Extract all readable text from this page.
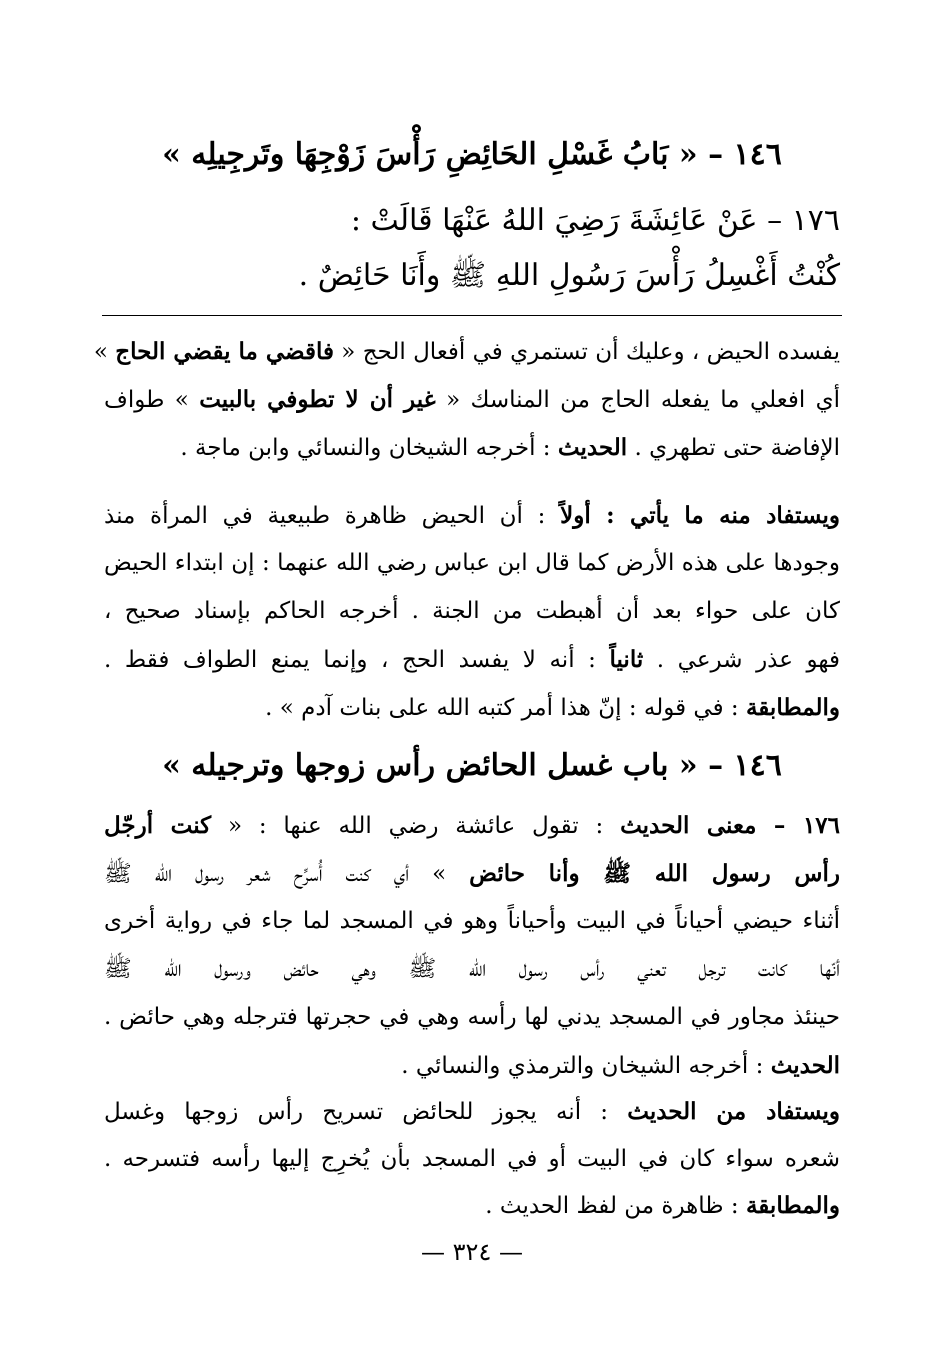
١٤٦ – « بَابُ غَسْلِ الحَائِضِ رَأْسَ زَوْجِهَا وتَرجِيلِه »
١٧٦ – عَنْ عَائِشَةَ رَضِيَ اللهُ عَنْهَا قَالَتْ :
كُنْتُ أَغْسِلُ رَأْسَ رَسُولِ اللهِ ﷺ وأَنَا حَائِضٌ .
يفسده الحيض ، وعليك أن تستمري في أفعال الحج « فاقضي ما يقضي الحاج »
أي افعلي ما يفعله الحاج من المناسك « غير أن لا تطوفي بالبيت » طواف
الإفاضة حتى تطهري . الحديث : أخرجه الشيخان والنسائي وابن ماجة .
ويستفاد منه ما يأتي : أولاً : أن الحيض ظاهرة طبيعية في المرأة منذ
وجودها على هذه الأرض كما قال ابن عباس رضي الله عنهما : إن ابتداء الحيض
كان على حواء بعد أن أهبطت من الجنة . أخرجه الحاكم بإسناد صحيح ،
فهو عذر شرعي . ثانياً : أنه لا يفسد الحج ، وإنما يمنع الطواف فقط .
والمطابقة : في قوله : إنّ هذا أمر كتبه الله على بنات آدم » .
١٤٦ – « باب غسل الحائض رأس زوجها وترجيله »
١٧٦ – معنى الحديث : تقول عائشة رضي الله عنها : « كنت أرجّل
رأس رسول الله ﷺ وأنا حائض » أي كنت أُسرِّح شعر رسول الله ﷺ
أثناء حيضي أحياناً في البيت وأحياناً وهو في المسجد لما جاء في رواية أخرى
أنّها كانت ترجل تعني رأس رسول الله ﷺ وهي حائض ورسول الله ﷺ
حينئذ مجاور في المسجد يدني لها رأسه وهي في حجرتها فترجله وهي حائض .
الحديث : أخرجه الشيخان والترمذي والنسائي .
ويستفاد من الحديث : أنه يجوز للحائض تسريح رأس زوجها وغسل
شعره سواء كان في البيت أو في المسجد بأن يُخرِج إليها رأسه فتسرحه .
والمطابقة : ظاهرة من لفظ الحديث .
— ٣٢٤ —
